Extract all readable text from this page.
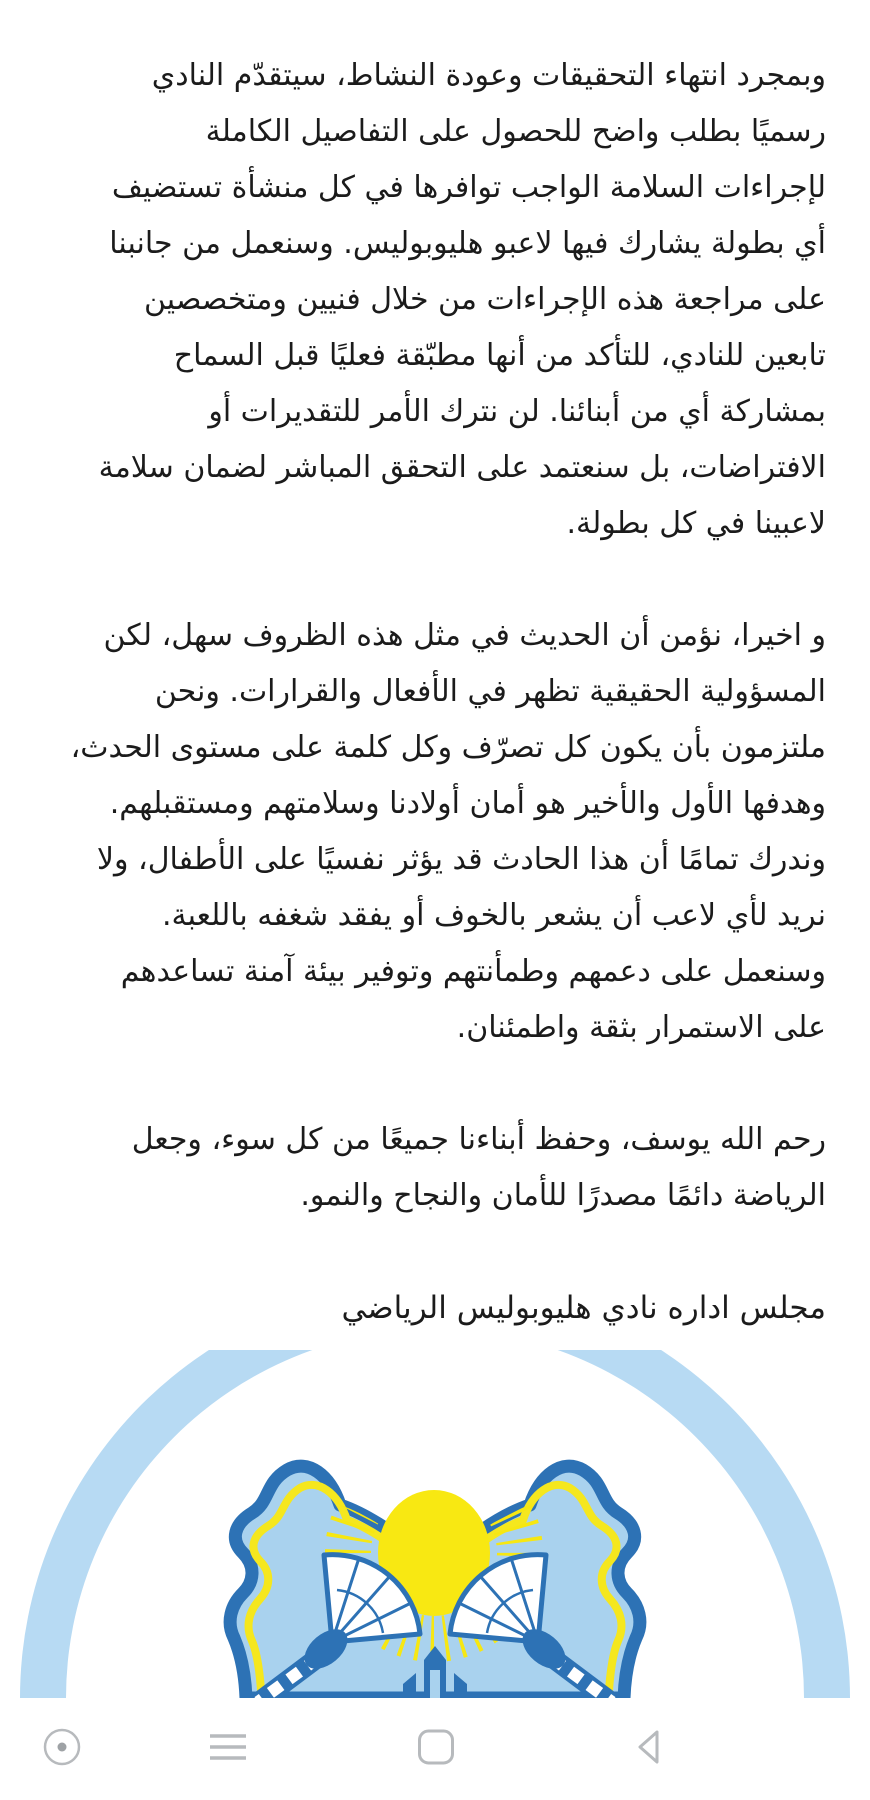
وبمجرد انتهاء التحقيقات وعودة النشاط، سيتقدّم النادي
رسميًا بطلب واضح للحصول على التفاصيل الكاملة
لإجراءات السلامة الواجب توافرها في كل منشأة تستضيف
أي بطولة يشارك فيها لاعبو هليوبوليس. وسنعمل من جانبنا
على مراجعة هذه الإجراءات من خلال فنيين ومتخصصين
تابعين للنادي، للتأكد من أنها مطبّقة فعليًا قبل السماح
بمشاركة أي من أبنائنا. لن نترك الأمر للتقديرات أو
الافتراضات، بل سنعتمد على التحقق المباشر لضمان سلامة
لاعبينا في كل بطولة.
و اخيرا، نؤمن أن الحديث في مثل هذه الظروف سهل، لكن
المسؤولية الحقيقية تظهر في الأفعال والقرارات. ونحن
ملتزمون بأن يكون كل تصرّف وكل كلمة على مستوى الحدث،
وهدفها الأول والأخير هو أمان أولادنا وسلامتهم ومستقبلهم.
وندرك تمامًا أن هذا الحادث قد يؤثر نفسيًا على الأطفال، ولا
نريد لأي لاعب أن يشعر بالخوف أو يفقد شغفه باللعبة.
وسنعمل على دعمهم وطمأنتهم وتوفير بيئة آمنة تساعدهم
على الاستمرار بثقة واطمئنان.
رحم الله يوسف، وحفظ أبناءنا جميعًا من كل سوء، وجعل
الرياضة دائمًا مصدرًا للأمان والنجاح والنمو.
مجلس اداره نادي هليوبوليس الرياضي
